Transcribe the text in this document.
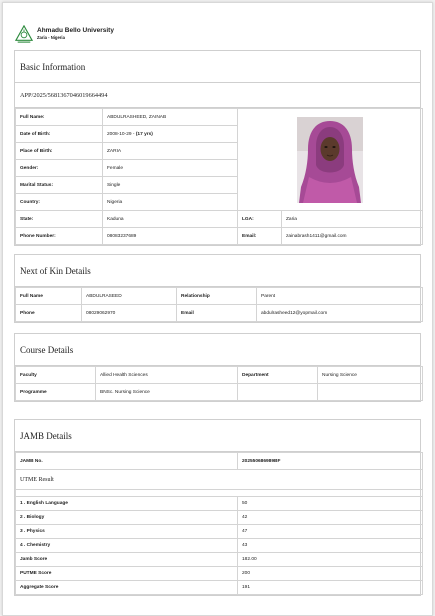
Ahmadu Bello University
Zaria - Nigeria
Basic Information
APP/2025/5681367046019664494
Full Name:	ABDULRASHEED, ZAINAB	
Date of Birth:	2008-10-29 - (17 yrs)		
Place of Birth:	ZARIA		
Gender:	Female		
Marital Status:	Single		
Country:	Nigeria		
State:	Kaduna	LGA:	Zaria
Phone Number:	08083237689	Email:	zainabrash1411@gmail.com
Next of Kin Details
Full Name	ABDULRASEED	Relationship	Parent
Phone	08029062970	Email	abdulrasheed12@yopmail.com
Course Details
Faculty	Allied Health Sciences	Department	Nursing Science
Programme	BNSc. Nursing Science		
JAMB Details
JAMB No.	202550686989BF
UTME Result	

1 . English Language	50
2 . Biology	42
3 . Physics	47
4 . Chemistry	43
Jamb Score	182.00
PUTME Score	200
Aggregate Score	191
